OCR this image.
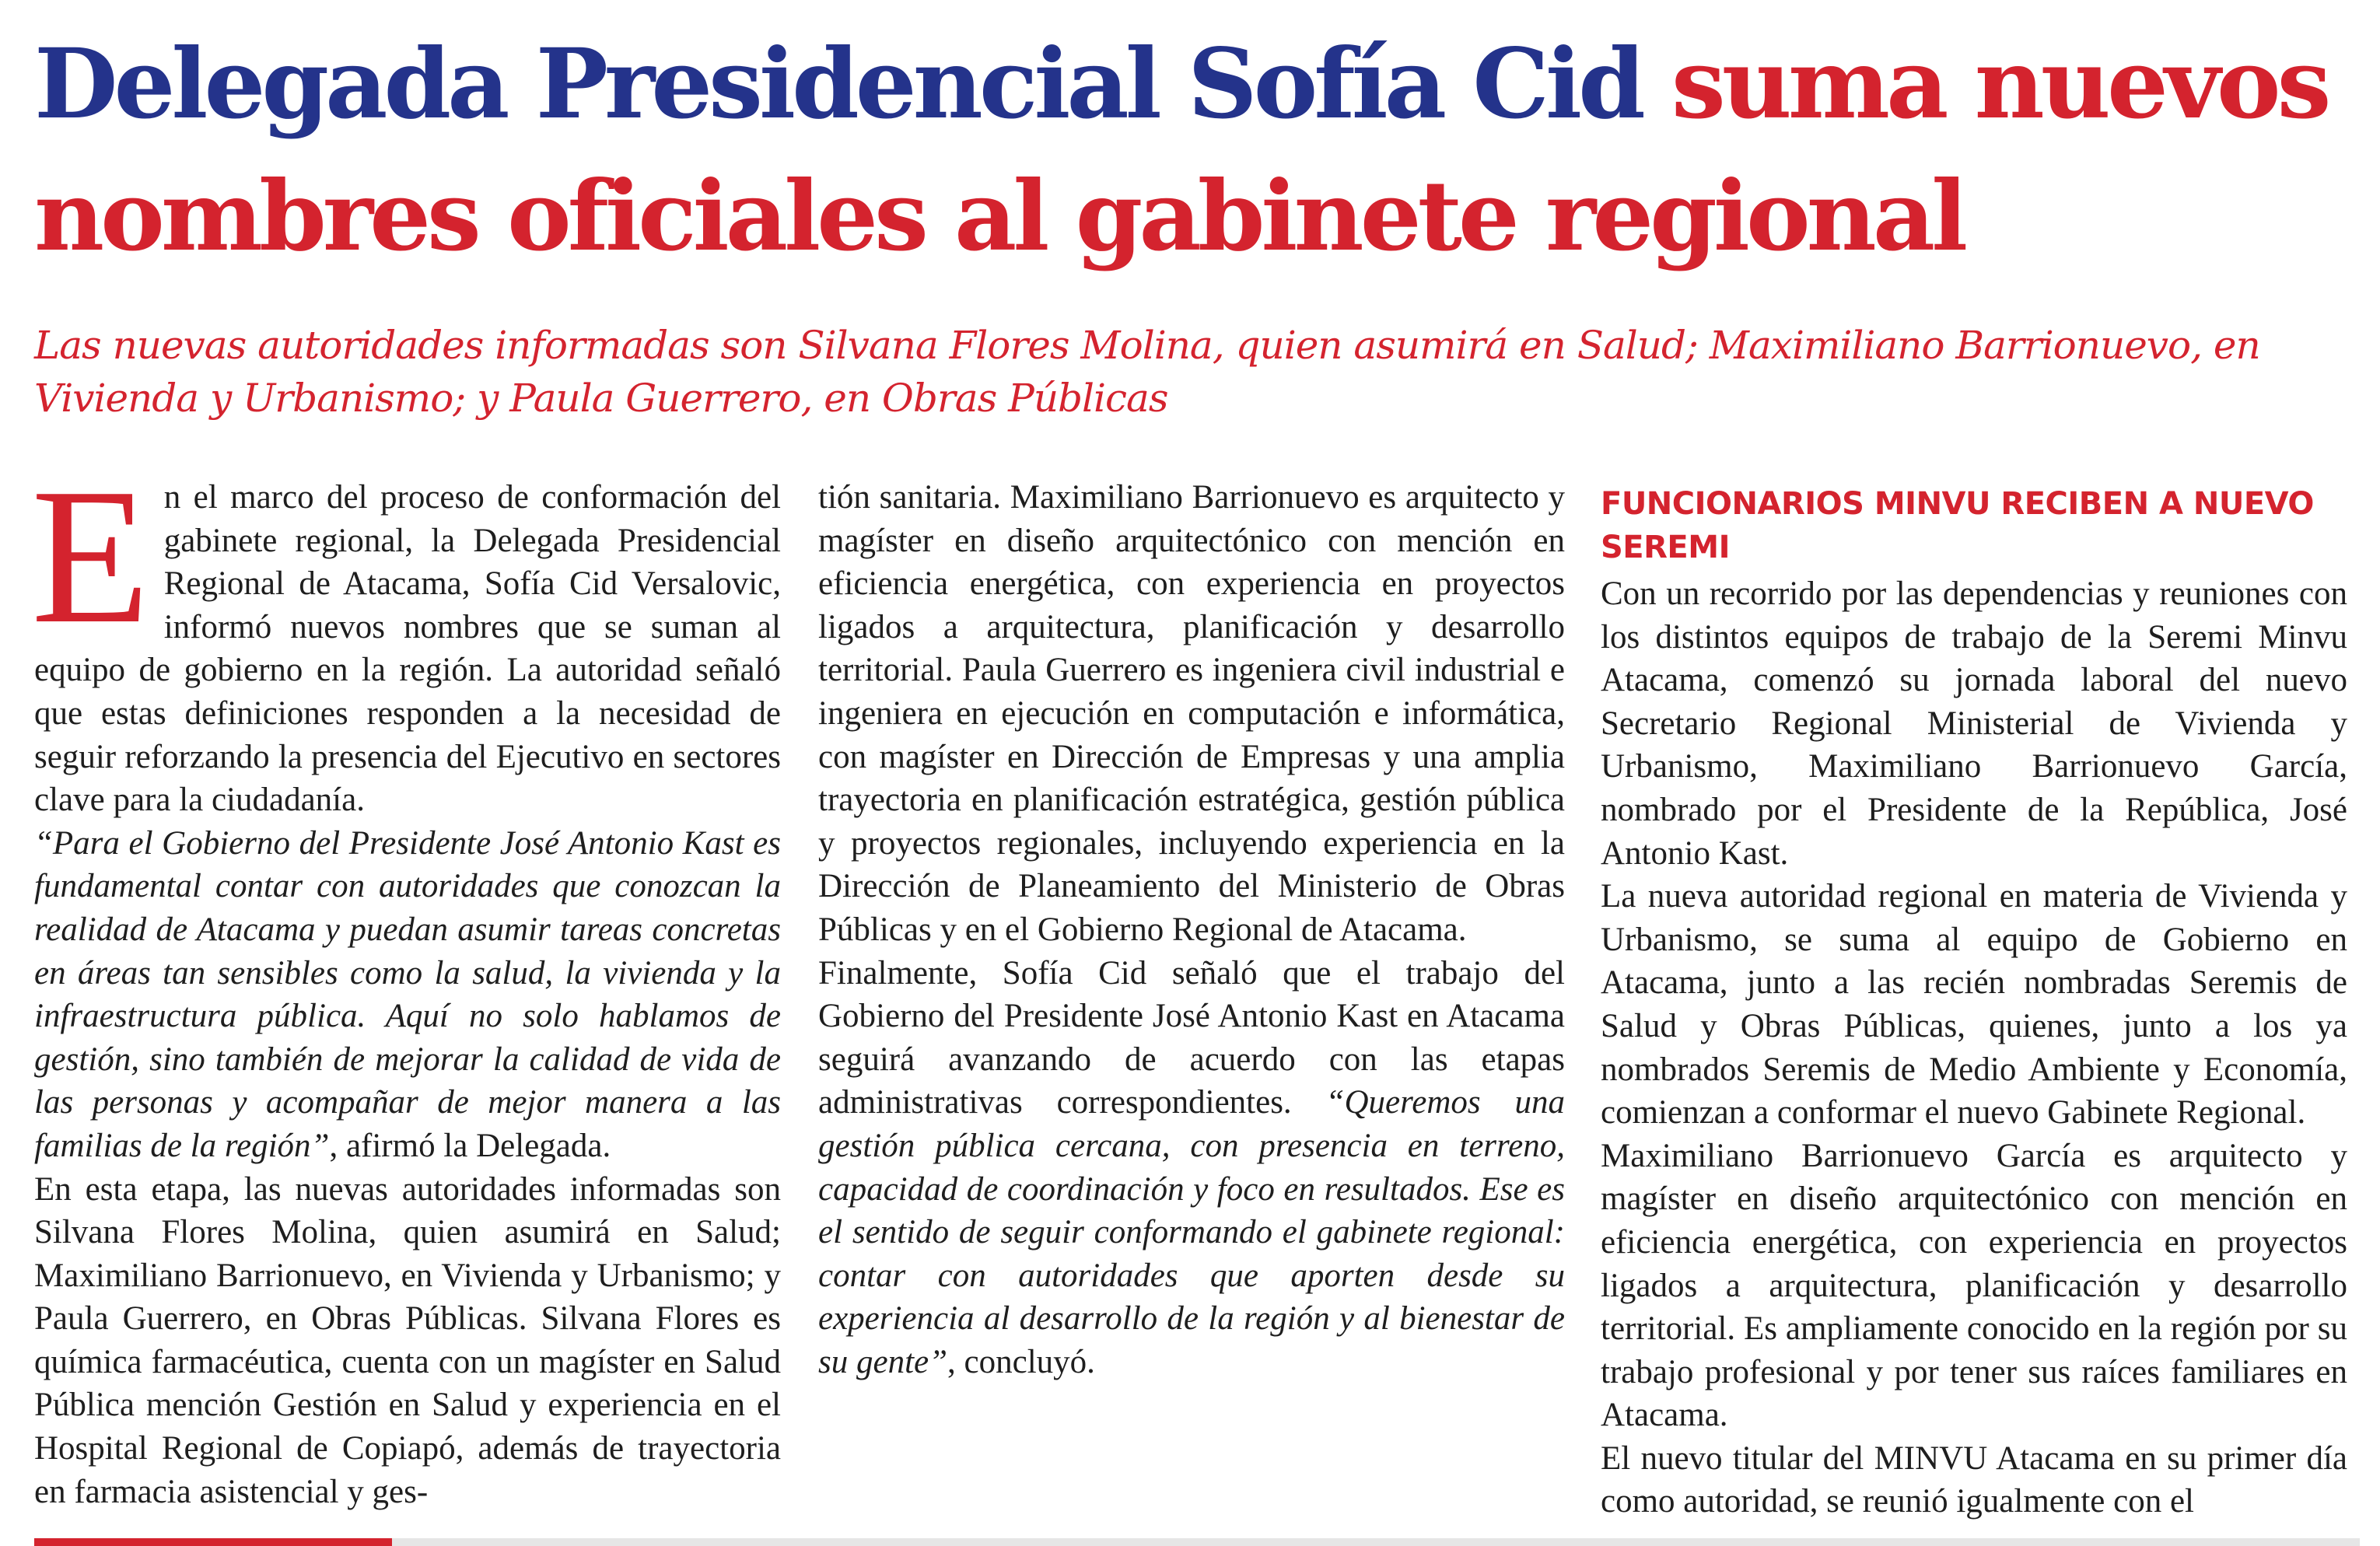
Delegada Presidencial Sofía Cid suma nuevos
nombres oficiales al gabinete regional

Las nuevas autoridades informadas son Silvana Flores Molina, quien asumirá en Salud; Maximiliano Barrionuevo, en Vivienda y Urbanismo; y Paula Guerrero, en Obras Públicas

En el marco del proceso de conformación del gabinete regional, la Delegada Presidencial Regional de Atacama, Sofía Cid Versalovic, informó nuevos nombres que se suman al equipo de gobierno en la región. La autoridad señaló que estas definiciones responden a la necesidad de seguir reforzando la presencia del Ejecutivo en sectores clave para la ciudadanía.

“Para el Gobierno del Presidente José Antonio Kast es fundamental contar con autoridades que conozcan la realidad de Atacama y puedan asumir tareas concretas en áreas tan sensibles como la salud, la vivienda y la infraestructura pública. Aquí no solo hablamos de gestión, sino también de mejorar la calidad de vida de las personas y acompañar de mejor manera a las familias de la región”, afirmó la Delegada.

En esta etapa, las nuevas autoridades informadas son Silvana Flores Molina, quien asumirá en Salud; Maximiliano Barrionuevo, en Vivienda y Urbanismo; y Paula Guerrero, en Obras Públicas. Silvana Flores es química farmacéutica, cuenta con un magíster en Salud Pública mención Gestión en Salud y experiencia en el Hospital Regional de Copiapó, además de trayectoria en farmacia asistencial y ges-

tión sanitaria. Maximiliano Barrionuevo es arquitecto y magíster en diseño arquitectónico con mención en eficiencia energética, con experiencia en proyectos ligados a arquitectura, planificación y desarrollo territorial. Paula Guerrero es ingeniera civil industrial e ingeniera en ejecución en computación e informática, con magíster en Dirección de Empresas y una amplia trayectoria en planificación estratégica, gestión pública y proyectos regionales, incluyendo experiencia en la Dirección de Planeamiento del Ministerio de Obras Públicas y en el Gobierno Regional de Atacama.

Finalmente, Sofía Cid señaló que el trabajo del Gobierno del Presidente José Antonio Kast en Atacama seguirá avanzando de acuerdo con las etapas administrativas correspondientes. “Queremos una gestión pública cercana, con presencia en terreno, capacidad de coordinación y foco en resultados. Ese es el sentido de seguir conformando el gabinete regional: contar con autoridades que aporten desde su experiencia al desarrollo de la región y al bienestar de su gente”, concluyó.

FUNCIONARIOS MINVU RECIBEN A NUEVO SEREMI

Con un recorrido por las dependencias y reuniones con los distintos equipos de trabajo de la Seremi Minvu Atacama, comenzó su jornada laboral del nuevo Secretario Regional Ministerial de Vivienda y Urbanismo, Maximiliano Barrionuevo García, nombrado por el Presidente de la República, José Antonio Kast.

La nueva autoridad regional en materia de Vivienda y Urbanismo, se suma al equipo de Gobierno en Atacama, junto a las recién nombradas Seremis de Salud y Obras Públicas, quienes, junto a los ya nombrados Seremis de Medio Ambiente y Economía, comienzan a conformar el nuevo Gabinete Regional.

Maximiliano Barrionuevo García es arquitecto y magíster en diseño arquitectónico con mención en eficiencia energética, con experiencia en proyectos ligados a arquitectura, planificación y desarrollo territorial. Es ampliamente conocido en la región por su trabajo profesional y por tener sus raíces familiares en Atacama.

El nuevo titular del MINVU Atacama en su primer día como autoridad, se reunió igualmente con el
